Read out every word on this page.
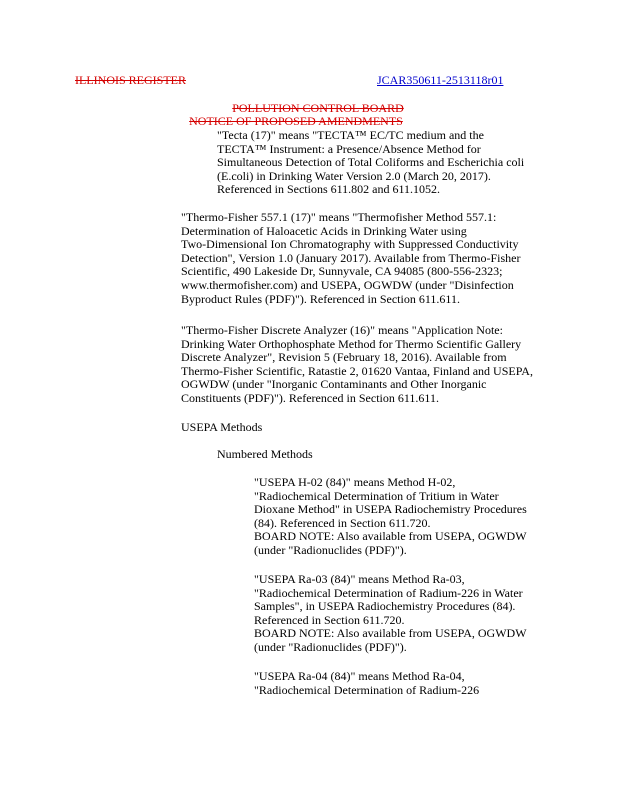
ILLINOIS REGISTER	JCAR350611-2513118r01
POLLUTION CONTROL BOARD
NOTICE OF PROPOSED AMENDMENTS
"Tecta (17)" means "TECTA™ EC/TC medium and the
TECTA™ Instrument: a Presence/Absence Method for
Simultaneous Detection of Total Coliforms and Escherichia coli
(E.coli) in Drinking Water Version 2.0 (March 20, 2017).
Referenced in Sections 611.802 and 611.1052.
"Thermo-Fisher 557.1 (17)" means "Thermofisher Method 557.1:
Determination of Haloacetic Acids in Drinking Water using
Two-Dimensional Ion Chromatography with Suppressed Conductivity
Detection", Version 1.0 (January 2017). Available from Thermo-Fisher
Scientific, 490 Lakeside Dr, Sunnyvale, CA 94085 (800-556-2323;
www.thermofisher.com) and USEPA, OGWDW (under "Disinfection
Byproduct Rules (PDF)"). Referenced in Section 611.611.
"Thermo-Fisher Discrete Analyzer (16)" means "Application Note:
Drinking Water Orthophosphate Method for Thermo Scientific Gallery
Discrete Analyzer", Revision 5 (February 18, 2016). Available from
Thermo-Fisher Scientific, Ratastie 2, 01620 Vantaa, Finland and USEPA,
OGWDW (under "Inorganic Contaminants and Other Inorganic
Constituents (PDF)"). Referenced in Section 611.611.
USEPA Methods
Numbered Methods
"USEPA H-02 (84)" means Method H-02,
"Radiochemical Determination of Tritium in Water
Dioxane Method" in USEPA Radiochemistry Procedures
(84). Referenced in Section 611.720.
BOARD NOTE: Also available from USEPA, OGWDW
(under "Radionuclides (PDF)").
"USEPA Ra-03 (84)" means Method Ra-03,
"Radiochemical Determination of Radium-226 in Water
Samples", in USEPA Radiochemistry Procedures (84).
Referenced in Section 611.720.
BOARD NOTE: Also available from USEPA, OGWDW
(under "Radionuclides (PDF)").
"USEPA Ra-04 (84)" means Method Ra-04,
"Radiochemical Determination of Radium-226
